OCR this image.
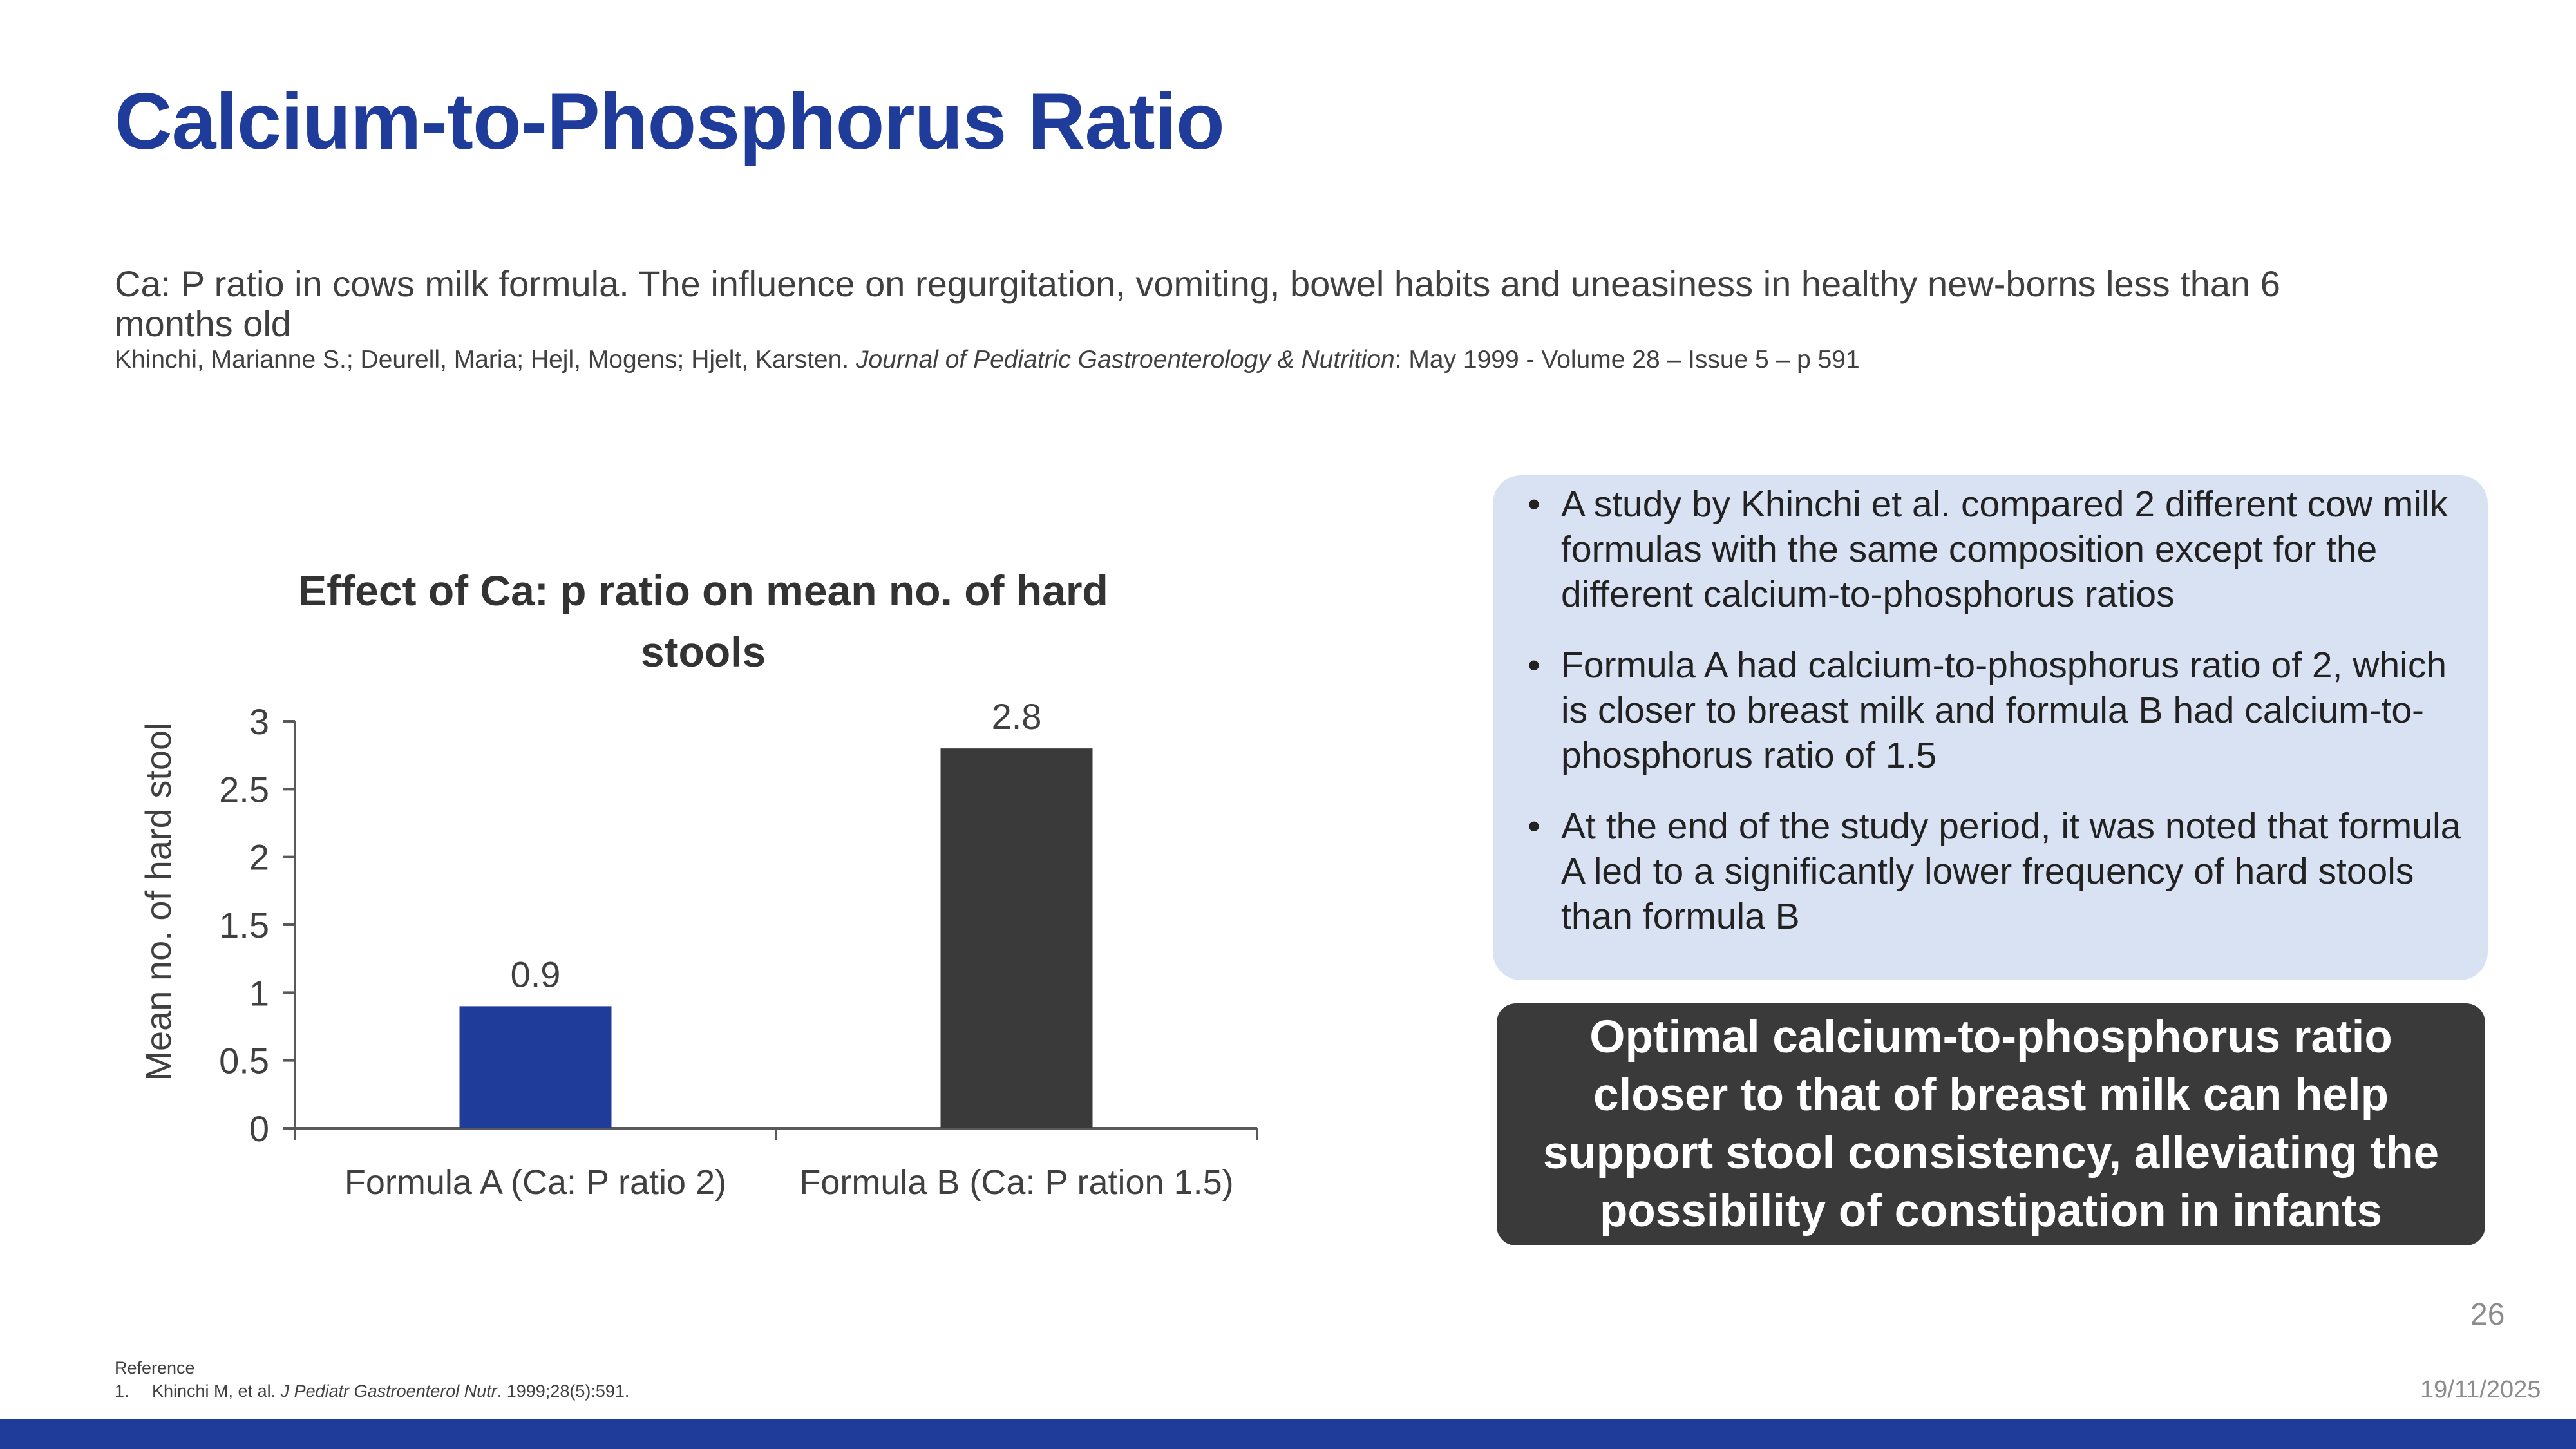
Calcium-to-Phosphorus Ratio
Ca: P ratio in cows milk formula. The influence on regurgitation, vomiting, bowel habits and uneasiness in healthy new-borns less than 6 months old
Khinchi, Marianne S.; Deurell, Maria; Hejl, Mogens; Hjelt, Karsten. Journal of Pediatric Gastroenterology & Nutrition: May 1999 - Volume 28 – Issue 5 – p 591
Effect of Ca: p ratio on mean no. of hard
stools
Mean no. of hard stool
0
0.5
1
1.5
2
2.5
3
0.9
Formula A (Ca: P ratio 2)
2.8
Formula B (Ca: P ration 1.5)
• A study by Khinchi et al. compared 2 different cow milk formulas with the same composition except for the different calcium-to-phosphorus ratios
• Formula A had calcium-to-phosphorus ratio of 2, which is closer to breast milk and formula B had calcium-to-phosphorus ratio of 1.5
• At the end of the study period, it was noted that formula A led to a significantly lower frequency of hard stools than formula B
Optimal calcium-to-phosphorus ratio closer to that of breast milk can help support stool consistency, alleviating the possibility of constipation in infants
26
19/11/2025
Reference
1. Khinchi M, et al. J Pediatr Gastroenterol Nutr. 1999;28(5):591.
